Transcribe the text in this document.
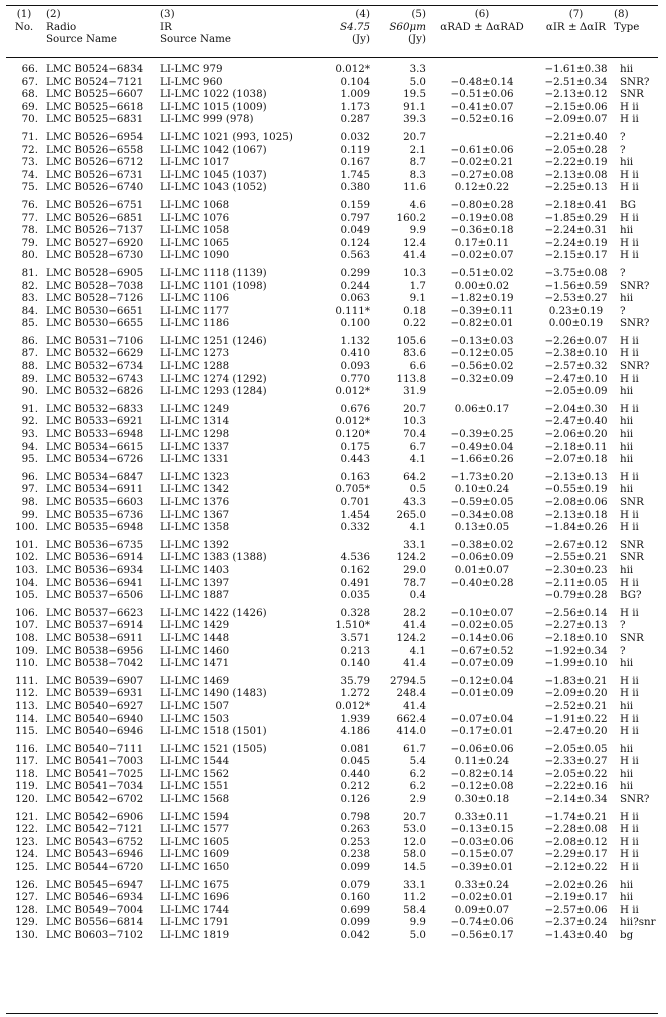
(1)
No.

(2)
Radio
Source Name

(3)
IR
Source Name

(4)
S4.75
(Jy)

(5)
S60μm
(Jy)

(6)
αRAD ± ΔαRAD

(7)
αIR ± ΔαIR

(8)
Type
66.	LMC B0524−6834	LI-LMC 979	0.012*	3.3		−1.61±0.38	hii
67.	LMC B0524−7121	LI-LMC 960	0.104	5.0	−0.48±0.14	−2.51±0.34	SNR?
68.	LMC B0525−6607	LI-LMC 1022 (1038)	1.009	19.5	−0.51±0.06	−2.13±0.12	SNR
69.	LMC B0525−6618	LI-LMC 1015 (1009)	1.173	91.1	−0.41±0.07	−2.15±0.06	H ii
70.	LMC B0525−6831	LI-LMC 999 (978)	0.287	39.3	−0.52±0.16	−2.09±0.07	H ii
71.	LMC B0526−6954	LI-LMC 1021 (993, 1025)	0.032	20.7		−2.21±0.40	?
72.	LMC B0526−6558	LI-LMC 1042 (1067)	0.119	2.1	−0.61±0.06	−2.05±0.28	?
73.	LMC B0526−6712	LI-LMC 1017	0.167	8.7	−0.02±0.21	−2.22±0.19	hii
74.	LMC B0526−6731	LI-LMC 1045 (1037)	1.745	8.3	−0.27±0.08	−2.13±0.08	H ii
75.	LMC B0526−6740	LI-LMC 1043 (1052)	0.380	11.6	0.12±0.22	−2.25±0.13	H ii
76.	LMC B0526−6751	LI-LMC 1068	0.159	4.6	−0.80±0.28	−2.18±0.41	BG
77.	LMC B0526−6851	LI-LMC 1076	0.797	160.2	−0.19±0.08	−1.85±0.29	H ii
78.	LMC B0526−7137	LI-LMC 1058	0.049	9.9	−0.36±0.18	−2.24±0.31	hii
79.	LMC B0527−6920	LI-LMC 1065	0.124	12.4	0.17±0.11	−2.24±0.19	H ii
80.	LMC B0528−6730	LI-LMC 1090	0.563	41.4	−0.02±0.07	−2.15±0.17	H ii
81.	LMC B0528−6905	LI-LMC 1118 (1139)	0.299	10.3	−0.51±0.02	−3.75±0.08	?
82.	LMC B0528−7038	LI-LMC 1101 (1098)	0.244	1.7	0.00±0.02	−1.56±0.59	SNR?
83.	LMC B0528−7126	LI-LMC 1106	0.063	9.1	−1.82±0.19	−2.53±0.27	hii
84.	LMC B0530−6651	LI-LMC 1177	0.111*	0.18	−0.39±0.11	0.23±0.19	?
85.	LMC B0530−6655	LI-LMC 1186	0.100	0.22	−0.82±0.01	0.00±0.19	SNR?
86.	LMC B0531−7106	LI-LMC 1251 (1246)	1.132	105.6	−0.13±0.03	−2.26±0.07	H ii
87.	LMC B0532−6629	LI-LMC 1273	0.410	83.6	−0.12±0.05	−2.38±0.10	H ii
88.	LMC B0532−6734	LI-LMC 1288	0.093	6.6	−0.56±0.02	−2.57±0.32	SNR?
89.	LMC B0532−6743	LI-LMC 1274 (1292)	0.770	113.8	−0.32±0.09	−2.47±0.10	H ii
90.	LMC B0532−6826	LI-LMC 1293 (1284)	0.012*	31.9		−2.05±0.09	hii
91.	LMC B0532−6833	LI-LMC 1249	0.676	20.7	0.06±0.17	−2.04±0.30	H ii
92.	LMC B0533−6921	LI-LMC 1314	0.012*	10.3		−2.47±0.40	hii
93.	LMC B0533−6948	LI-LMC 1298	0.120*	70.4	−0.39±0.25	−2.06±0.20	hii
94.	LMC B0534−6615	LI-LMC 1337	0.175	6.7	−0.49±0.04	−2.18±0.11	hii
95.	LMC B0534−6726	LI-LMC 1331	0.443	4.1	−1.66±0.26	−2.07±0.18	hii
96.	LMC B0534−6847	LI-LMC 1323	0.163	64.2	−1.73±0.20	−2.13±0.13	H ii
97.	LMC B0534−6911	LI-LMC 1342	0.705*	0.5	0.10±0.24	−0.55±0.19	hii
98.	LMC B0535−6603	LI-LMC 1376	0.701	43.3	−0.59±0.05	−2.08±0.06	SNR
99.	LMC B0535−6736	LI-LMC 1367	1.454	265.0	−0.34±0.08	−2.13±0.18	H ii
100.	LMC B0535−6948	LI-LMC 1358	0.332	4.1	0.13±0.05	−1.84±0.26	H ii
101.	LMC B0536−6735	LI-LMC 1392		33.1	−0.38±0.02	−2.67±0.12	SNR
102.	LMC B0536−6914	LI-LMC 1383 (1388)	4.536	124.2	−0.06±0.09	−2.55±0.21	SNR
103.	LMC B0536−6934	LI-LMC 1403	0.162	29.0	0.01±0.07	−2.30±0.23	hii
104.	LMC B0536−6941	LI-LMC 1397	0.491	78.7	−0.40±0.28	−2.11±0.05	H ii
105.	LMC B0537−6506	LI-LMC 1887	0.035	0.4		−0.79±0.28	BG?
106.	LMC B0537−6623	LI-LMC 1422 (1426)	0.328	28.2	−0.10±0.07	−2.56±0.14	H ii
107.	LMC B0537−6914	LI-LMC 1429	1.510*	41.4	−0.02±0.05	−2.27±0.13	?
108.	LMC B0538−6911	LI-LMC 1448	3.571	124.2	−0.14±0.06	−2.18±0.10	SNR
109.	LMC B0538−6956	LI-LMC 1460	0.213	4.1	−0.67±0.52	−1.92±0.34	?
110.	LMC B0538−7042	LI-LMC 1471	0.140	41.4	−0.07±0.09	−1.99±0.10	hii
111.	LMC B0539−6907	LI-LMC 1469	35.79	2794.5	−0.12±0.04	−1.83±0.21	H ii
112.	LMC B0539−6931	LI-LMC 1490 (1483)	1.272	248.4	−0.01±0.09	−2.09±0.20	H ii
113.	LMC B0540−6927	LI-LMC 1507	0.012*	41.4		−2.52±0.21	hii
114.	LMC B0540−6940	LI-LMC 1503	1.939	662.4	−0.07±0.04	−1.91±0.22	H ii
115.	LMC B0540−6946	LI-LMC 1518 (1501)	4.186	414.0	−0.17±0.01	−2.47±0.20	H ii
116.	LMC B0540−7111	LI-LMC 1521 (1505)	0.081	61.7	−0.06±0.06	−2.05±0.05	hii
117.	LMC B0541−7003	LI-LMC 1544	0.045	5.4	0.11±0.24	−2.33±0.27	H ii
118.	LMC B0541−7025	LI-LMC 1562	0.440	6.2	−0.82±0.14	−2.05±0.22	hii
119.	LMC B0541−7034	LI-LMC 1551	0.212	6.2	−0.12±0.08	−2.22±0.16	hii
120.	LMC B0542−6702	LI-LMC 1568	0.126	2.9	0.30±0.18	−2.14±0.34	SNR?
121.	LMC B0542−6906	LI-LMC 1594	0.798	20.7	0.33±0.11	−1.74±0.21	H ii
122.	LMC B0542−7121	LI-LMC 1577	0.263	53.0	−0.13±0.15	−2.28±0.08	H ii
123.	LMC B0543−6752	LI-LMC 1605	0.253	12.0	−0.03±0.06	−2.08±0.12	H ii
124.	LMC B0543−6946	LI-LMC 1609	0.238	58.0	−0.15±0.07	−2.29±0.17	H ii
125.	LMC B0544−6720	LI-LMC 1650	0.099	14.5	−0.39±0.01	−2.12±0.22	H ii
126.	LMC B0545−6947	LI-LMC 1675	0.079	33.1	0.33±0.24	−2.02±0.26	hii
127.	LMC B0546−6934	LI-LMC 1696	0.160	11.2	−0.02±0.01	−2.19±0.17	hii
128.	LMC B0549−7004	LI-LMC 1744	0.699	58.4	0.09±0.07	−2.57±0.06	H ii
129.	LMC B0556−6814	LI-LMC 1791	0.099	9.9	−0.74±0.06	−2.37±0.24	hii?snr
130.	LMC B0603−7102	LI-LMC 1819	0.042	5.0	−0.56±0.17	−1.43±0.40	bg
